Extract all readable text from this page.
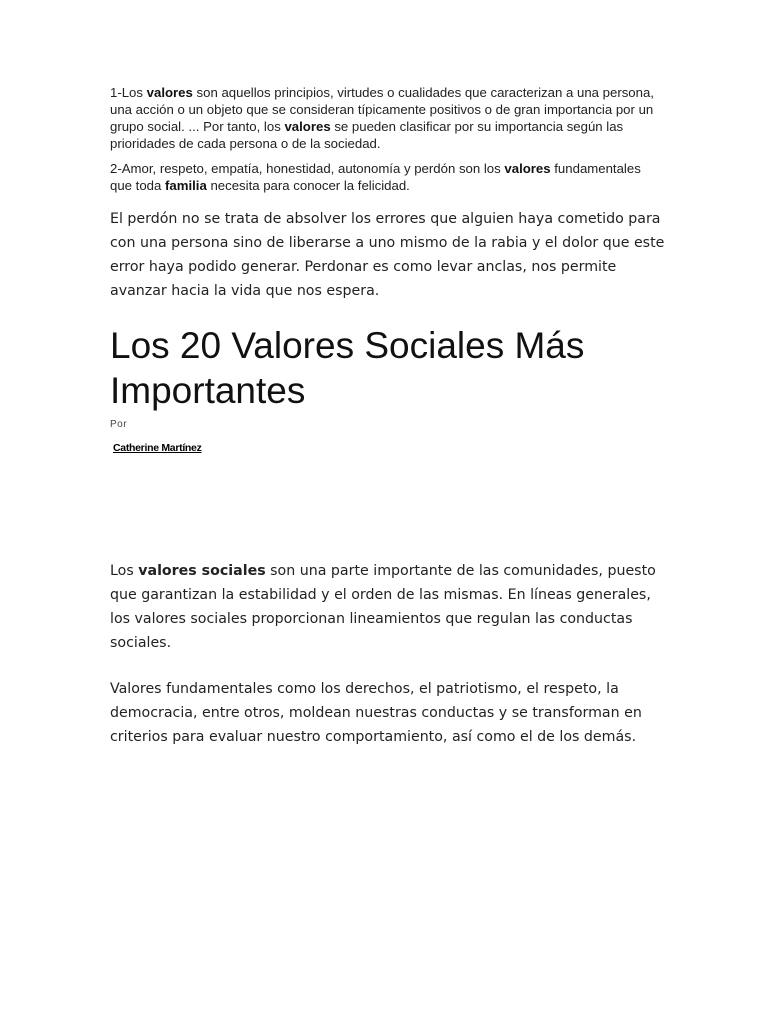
1-Los valores son aquellos principios, virtudes o cualidades que caracterizan a una persona, una acción o un objeto que se consideran típicamente positivos o de gran importancia por un grupo social. ... Por tanto, los valores se pueden clasificar por su importancia según las prioridades de cada persona o de la sociedad.

2-Amor, respeto, empatía, honestidad, autonomía y perdón son los valores fundamentales que toda familia necesita para conocer la felicidad.

El perdón no se trata de absolver los errores que alguien haya cometido para con una persona sino de liberarse a uno mismo de la rabia y el dolor que este error haya podido generar. Perdonar es como levar anclas, nos permite avanzar hacia la vida que nos espera.

Los 20 Valores Sociales Más Importantes
Por
Catherine Martínez

Los valores sociales son una parte importante de las comunidades, puesto que garantizan la estabilidad y el orden de las mismas. En líneas generales, los valores sociales proporcionan lineamientos que regulan las conductas sociales.

Valores fundamentales como los derechos, el patriotismo, el respeto, la democracia, entre otros, moldean nuestras conductas y se transforman en criterios para evaluar nuestro comportamiento, así como el de los demás.
